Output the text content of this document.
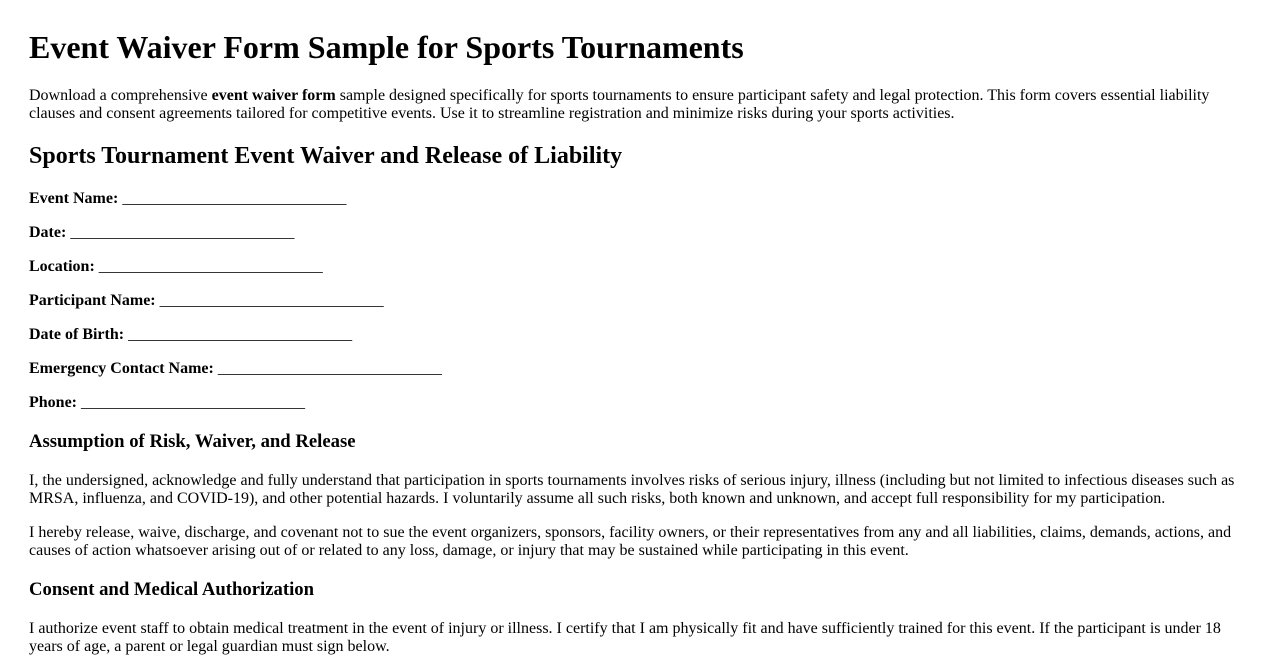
Event Waiver Form Sample for Sports Tournaments

Download a comprehensive event waiver form sample designed specifically for sports tournaments to ensure participant safety and legal protection. This form covers essential liability clauses and consent agreements tailored for competitive events. Use it to streamline registration and minimize risks during your sports activities.

Sports Tournament Event Waiver and Release of Liability

Event Name: ____________________________

Date: ____________________________

Location: ____________________________

Participant Name: ____________________________

Date of Birth: ____________________________

Emergency Contact Name: ____________________________

Phone: ____________________________

Assumption of Risk, Waiver, and Release

I, the undersigned, acknowledge and fully understand that participation in sports tournaments involves risks of serious injury, illness (including but not limited to infectious diseases such as MRSA, influenza, and COVID-19), and other potential hazards. I voluntarily assume all such risks, both known and unknown, and accept full responsibility for my participation.

I hereby release, waive, discharge, and covenant not to sue the event organizers, sponsors, facility owners, or their representatives from any and all liabilities, claims, demands, actions, and causes of action whatsoever arising out of or related to any loss, damage, or injury that may be sustained while participating in this event.

Consent and Medical Authorization

I authorize event staff to obtain medical treatment in the event of injury or illness. I certify that I am physically fit and have sufficiently trained for this event. If the participant is under 18 years of age, a parent or legal guardian must sign below.
